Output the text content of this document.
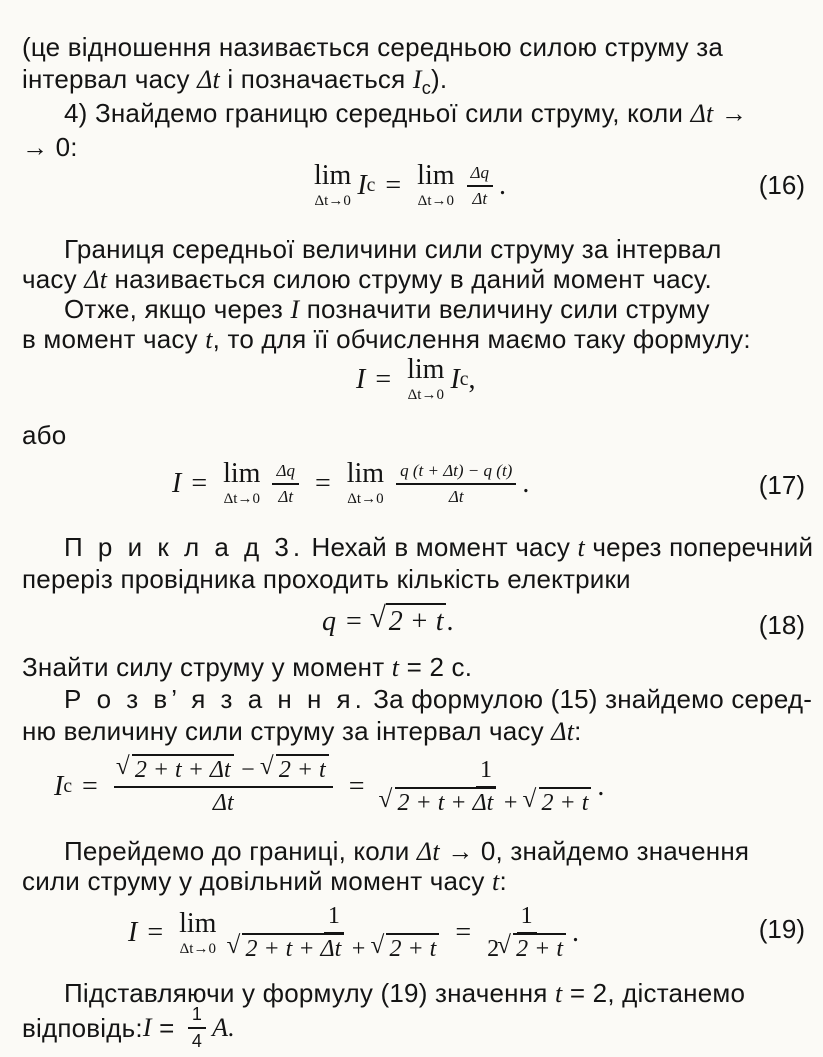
(це відношення називається середньою силою струму за
інтервал часу Δt і позначається Ic).
4) Знайдемо границю середньої сили струму, коли Δt →
→ 0:
lim
Δt→0
I c = lim
$\Delta t\to 0 \frac{\Delta q}{\Delta t}$ .	(16)
Границя середньої величини сили струму за інтервал
часу Δt називається силою струму в даний момент часу.
Отже, якщо через I позначити величину сили струму
в момент часу t, то для її обчислення маємо таку формулу:
I = lim
Δt→0
I c ,
або
I = lim
$\Delta t\to 0 \frac{\Delta q}{\Delta t} = \lim$
$\Delta t\to 0 \frac{q (t + \Delta t) - q (t)}{\Delta t}$ .	(17)
П р и к л а д 3. Нехай в момент часу t через поперечний
переріз провідника проходить кількість електрики
q = √ 2 + t .	(18)
Знайти силу струму у момент t = 2 с.
Р о з в’ я з а н н я. За формулою (15) знайдемо серед-
ню величину сили струму за інтервал часу Δt:
I c = √ $\frac{2 + t + \Delta t - √ 2 + t}{\Delta t} = 1$
√ 2 + t + Δt + √ 2 + t .
Перейдемо до границі, коли Δt → 0, знайдемо значення
сили струму у довільний момент часу t:
I = lim
Δt→0 1
√ 2 + t + Δt + √ $2 + t = \frac{1}{2 √ 2 + t}$ .	(19)
Підставляючи у формулу (19) значення t = 2, дістанемо
відповідь: $I = \frac{1}{4} A$.
